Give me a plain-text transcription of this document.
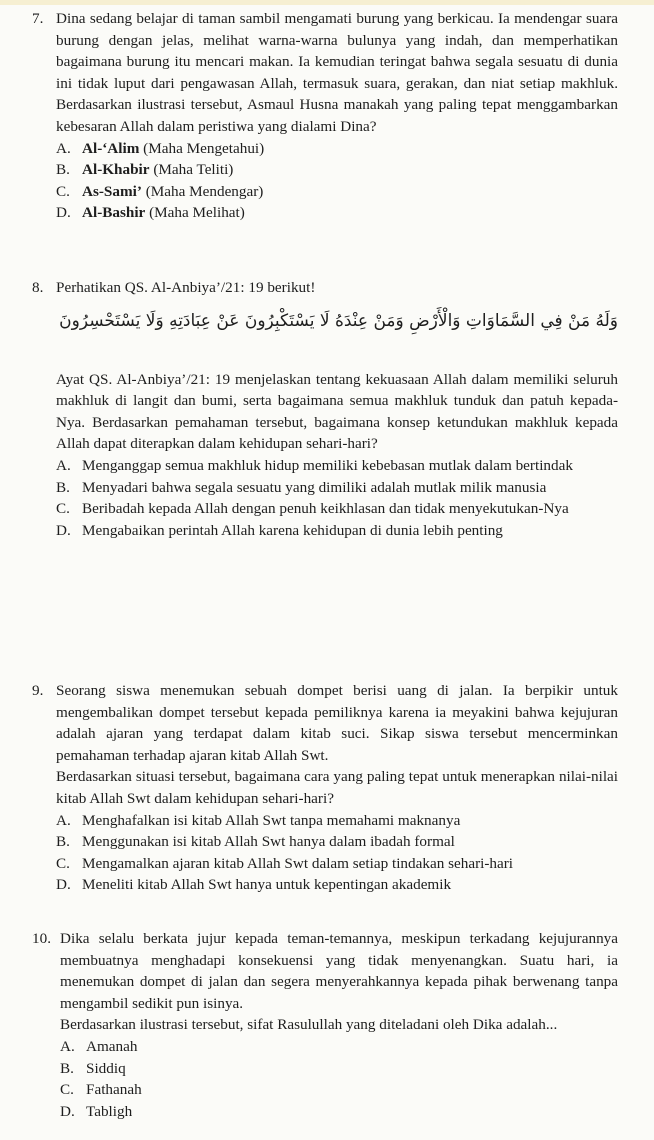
7. Dina sedang belajar di taman sambil mengamati burung yang berkicau. Ia mendengar suara burung dengan jelas, melihat warna-warna bulunya yang indah, dan memperhatikan bagaimana burung itu mencari makan. Ia kemudian teringat bahwa segala sesuatu di dunia ini tidak luput dari pengawasan Allah, termasuk suara, gerakan, dan niat setiap makhluk. Berdasarkan ilustrasi tersebut, Asmaul Husna manakah yang paling tepat menggambarkan kebesaran Allah dalam peristiwa yang dialami Dina?

A. Al-‘Alim (Maha Mengetahui)
B. Al-Khabir (Maha Teliti)
C. As-Sami’ (Maha Mendengar)
D. Al-Bashir (Maha Melihat)
8. Perhatikan QS. Al-Anbiya’/21: 19 berikut!

وَلَهُ مَنْ فِي السَّمَاوَاتِ وَالْأَرْضِ وَمَنْ عِنْدَهُ لَا يَسْتَكْبِرُونَ عَنْ عِبَادَتِهِ وَلَا يَسْتَحْسِرُونَ

Ayat QS. Al-Anbiya’/21: 19 menjelaskan tentang kekuasaan Allah dalam memiliki seluruh makhluk di langit dan bumi, serta bagaimana semua makhluk tunduk dan patuh kepada-Nya. Berdasarkan pemahaman tersebut, bagaimana konsep ketundukan makhluk kepada Allah dapat diterapkan dalam kehidupan sehari-hari?

A. Menganggap semua makhluk hidup memiliki kebebasan mutlak dalam bertindak
B. Menyadari bahwa segala sesuatu yang dimiliki adalah mutlak milik manusia
C. Beribadah kepada Allah dengan penuh keikhlasan dan tidak menyekutukan-Nya
D. Mengabaikan perintah Allah karena kehidupan di dunia lebih penting
9. Seorang siswa menemukan sebuah dompet berisi uang di jalan. Ia berpikir untuk mengembalikan dompet tersebut kepada pemiliknya karena ia meyakini bahwa kejujuran adalah ajaran yang terdapat dalam kitab suci. Sikap siswa tersebut mencerminkan pemahaman terhadap ajaran kitab Allah Swt.

Berdasarkan situasi tersebut, bagaimana cara yang paling tepat untuk menerapkan nilai-nilai kitab Allah Swt dalam kehidupan sehari-hari?

A. Menghafalkan isi kitab Allah Swt tanpa memahami maknanya
B. Menggunakan isi kitab Allah Swt hanya dalam ibadah formal
C. Mengamalkan ajaran kitab Allah Swt dalam setiap tindakan sehari-hari
D. Meneliti kitab Allah Swt hanya untuk kepentingan akademik
10. Dika selalu berkata jujur kepada teman-temannya, meskipun terkadang kejujurannya membuatnya menghadapi konsekuensi yang tidak menyenangkan. Suatu hari, ia menemukan dompet di jalan dan segera menyerahkannya kepada pihak berwenang tanpa mengambil sedikit pun isinya.

Berdasarkan ilustrasi tersebut, sifat Rasulullah yang diteladani oleh Dika adalah...

A. Amanah
B. Siddiq
C. Fathanah
D. Tabligh
